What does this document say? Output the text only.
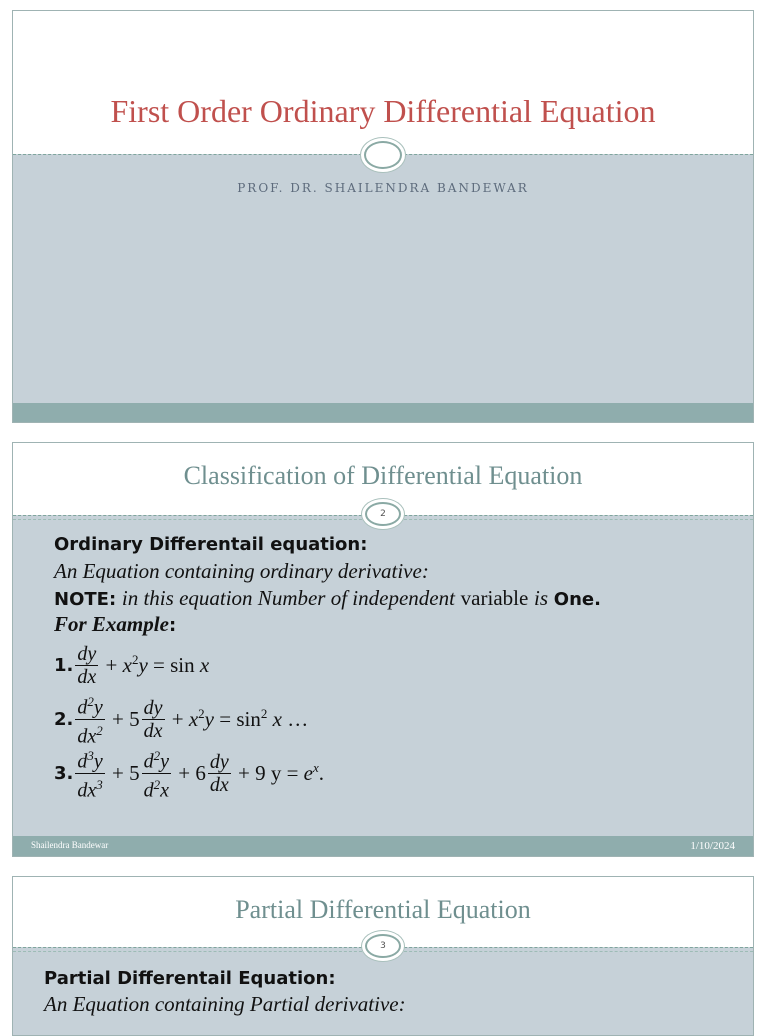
First Order Ordinary Differential Equation
PROF. DR. SHAILENDRA BANDEWAR
Classification of Differential Equation
2
Ordinary Differentail equation:
An Equation containing ordinary derivative:
NOTE: in this equation Number of independent variable is One.
For Example:
1. $\frac{dy}{dx} + x^2y = \sin x$
2. $\frac{d^2y}{dx^2} + 5 \frac{dy}{dx} + x^2y = \sin^2 x$ …
3. $\frac{d^3y}{dx^3} + 5 \frac{d^2y}{d^2x} + 6 \frac{dy}{dx} + 9$ $y = e^x$.
Shailendra Bandewar	1/10/2024
Partial Differential Equation
3
Partial Differentail Equation:
An Equation containing Partial derivative:
